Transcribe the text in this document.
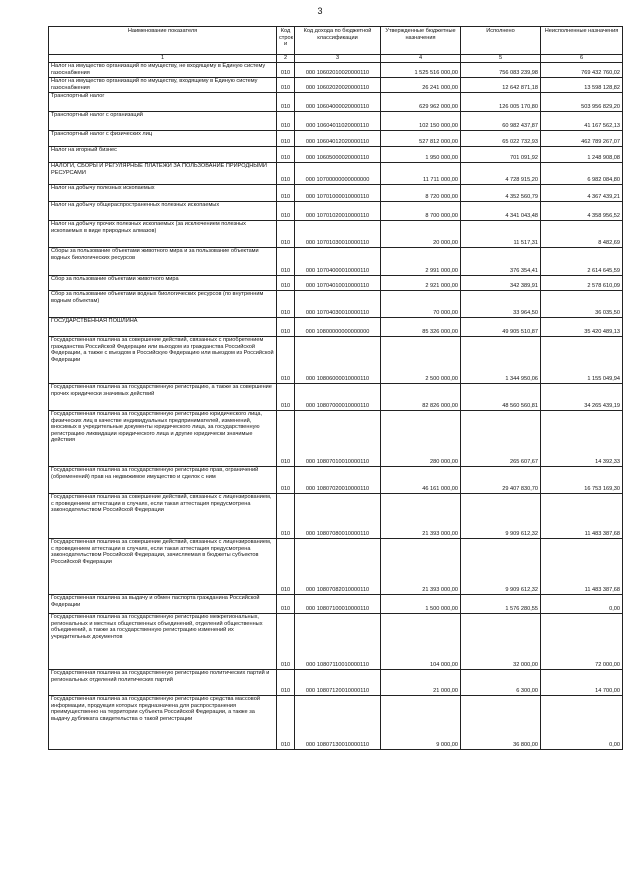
3
Наименование показателя	Код строк и	Код дохода по бюджетной классификации	Утвержденные бюджетные назначения	Исполнено	Неисполненные назначения
1	2	3	4	5	6
Налог на имущество организаций по имуществу, не входящему в Единую систему газоснабжения	010	000 10602010020000110	1 525 516 000,00	756 083 239,98	769 432 760,02
Налог на имущество организаций по имуществу, входящему в Единую систему газоснабжения	010	000 10602020020000110	26 241 000,00	12 642 871,18	13 598 128,82
Транспортный налог	010	000 10604000020000110	629 962 000,00	126 005 170,80	503 956 829,20
Транспортный налог с организаций	010	000 10604011020000110	102 150 000,00	60 982 437,87	41 167 562,13
Транспортный налог с физических лиц	010	000 10604012020000110	527 812 000,00	65 022 732,93	462 789 267,07
Налог на игорный бизнес	010	000 10605000020000110	1 950 000,00	701 091,92	1 248 908,08
НАЛОГИ, СБОРЫ И РЕГУЛЯРНЫЕ ПЛАТЕЖИ ЗА ПОЛЬЗОВАНИЕ ПРИРОДНЫМИ РЕСУРСАМИ	010	000 10700000000000000	11 711 000,00	4 728 915,20	6 982 084,80
Налог на добычу полезных ископаемых	010	000 10701000010000110	8 720 000,00	4 352 560,79	4 367 439,21
Налог на добычу общераспространенных полезных ископаемых	010	000 10701020010000110	8 700 000,00	4 341 043,48	4 358 956,52
Налог на добычу прочих полезных ископаемых (за исключением полезных ископаемых в виде природных алмазов)	010	000 10701030010000110	20 000,00	11 517,31	8 482,69
Сборы за пользование объектами животного мира и за пользование объектами водных биологических ресурсов	010	000 10704000010000110	2 991 000,00	376 354,41	2 614 645,59
Сбор за пользование объектами животного мира	010	000 10704010010000110	2 921 000,00	342 389,91	2 578 610,09
Сбор за пользование объектами водных биологических ресурсов (по внутренним водным объектам)	010	000 10704030010000110	70 000,00	33 964,50	36 035,50
ГОСУДАРСТВЕННАЯ ПОШЛИНА	010	000 10800000000000000	85 326 000,00	49 905 510,87	35 420 489,13
Государственная пошлина за совершение действий, связанных с приобретением гражданства Российской Федерации или выходом из гражданства Российской Федерации, а также с въездом в Российскую Федерацию или выездом из Российской Федерации	010	000 10806000010000110	2 500 000,00	1 344 950,06	1 155 049,94
Государственная пошлина за государственную регистрацию, а также за совершение прочих юридически значимых действий	010	000 10807000010000110	82 826 000,00	48 560 560,81	34 265 439,19
Государственная пошлина за государственную регистрацию юридического лица, физических лиц в качестве индивидуальных предпринимателей, изменений, вносимых в учредительные документы юридического лица, за государственную регистрацию ликвидации юридического лица и другие юридически значимые действия	010	000 10807010010000110	280 000,00	265 607,67	14 392,33
Государственная пошлина за государственную регистрацию прав, ограничений (обременений) прав на недвижимое имущество и сделок с ним	010	000 10807020010000110	46 161 000,00	29 407 830,70	16 753 169,30
Государственная пошлина за совершение действий, связанных с лицензированием, с проведением аттестации в случаях, если такая аттестация предусмотрена законодательством Российской Федерации	010	000 10807080010000110	21 393 000,00	9 909 612,32	11 483 387,68
Государственная пошлина за совершение действий, связанных с лицензированием, с проведением аттестации в случаях, если такая аттестация предусмотрена законодательством Российской Федерации, зачисляемая в бюджеты субъектов Российской Федерации	010	000 10807082010000110	21 393 000,00	9 909 612,32	11 483 387,68
Государственная пошлина за выдачу и обмен паспорта гражданина Российской Федерации	010	000 10807100010000110	1 500 000,00	1 576 280,55	0,00
Государственная пошлина за государственную регистрацию межрегиональных, региональных и местных общественных объединений, отделений общественных объединений, а также за государственную регистрацию изменений их учредительных документов	010	000 10807110010000110	104 000,00	32 000,00	72 000,00
Государственная пошлина за государственную регистрацию политических партий и региональных отделений политических партий	010	000 10807120010000110	21 000,00	6 300,00	14 700,00
Государственная пошлина за государственную регистрацию средства массовой информации, продукция которых предназначена для распространения преимущественно на территории субъекта Российской Федерации, а также за выдачу дубликата свидетельства о такой регистрации	010	000 10807130010000110	9 000,00	36 800,00	0,00
